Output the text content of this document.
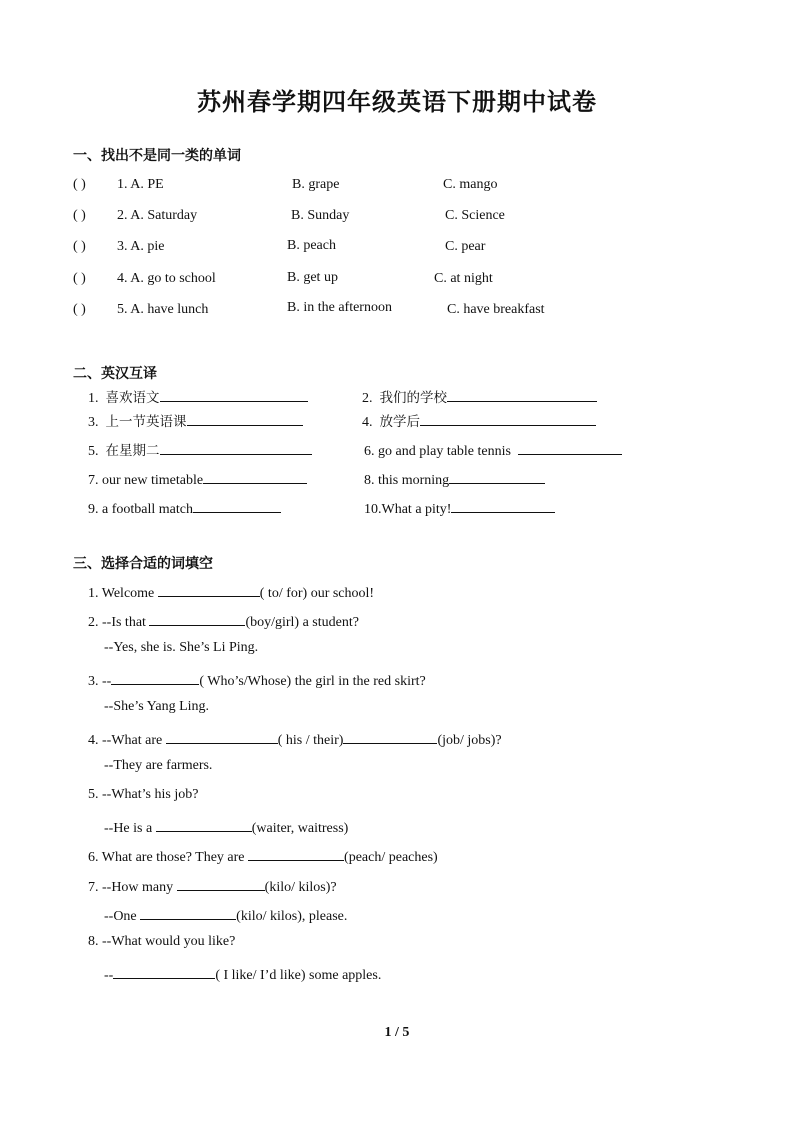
苏州春学期四年级英语下册期中试卷
一、找出不是同一类的单词
( ) 1. A. PE	B. grape	C. mango
( ) 2. A. Saturday	B. Sunday	C. Science
( ) 3. A. pie	B. peach	C. pear
( ) 4. A. go to school	B. get up	C. at night
( ) 5. A. have lunch	B. in the afternoon	C. have breakfast
二、英汉互译
1. 喜欢语文	2. 我们的学校
3. 上一节英语课	4. 放学后
5. 在星期二	6. go and play table tennis
7. our new timetable	8. this morning
9. a football match	10.What a pity!
三、选择合适的词填空
1. Welcome	( to/ for) our school!
2. --Is that	(boy/girl) a student?
--Yes, she is. She’s Li Ping.
3. --	( Who’s/Whose) the girl in the red skirt?
--She’s Yang Ling.
4. --What are	( his / their)	(job/ jobs)?
--They are farmers.
5. --What’s his job?
--He is a	(waiter, waitress)
6. What are those? They are	(peach/ peaches)
7. --How many	(kilo/ kilos)?
--One	(kilo/ kilos), please.
8. --What would you like?
--	( I like/ I’d like) some apples.
1 / 5
